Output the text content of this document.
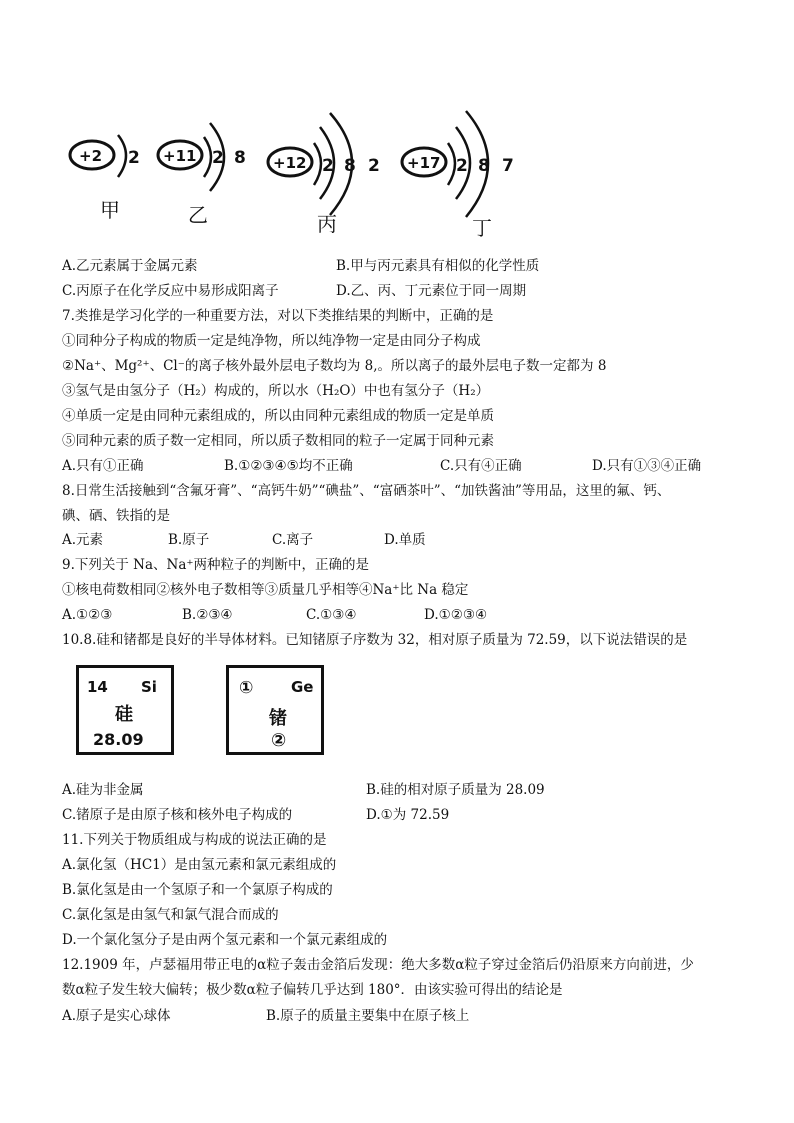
+2 2
甲
+11 2 8
乙
+12 2 8 2
丙
+17 2 8 7
丁
A.乙元素属于金属元素	B.甲与丙元素具有相似的化学性质
C.丙原子在化学反应中易形成阳离子	D.乙、丙、丁元素位于同一周期
7.类推是学习化学的一种重要方法，对以下类推结果的判断中，正确的是
①同种分子构成的物质一定是纯净物，所以纯净物一定是由同分子构成
②Na⁺、Mg²⁺、Cl⁻的离子核外最外层电子数均为 8,。所以离子的最外层电子数一定都为 8
③氢气是由氢分子（H₂）构成的，所以水（H₂O）中也有氢分子（H₂）
④单质一定是由同种元素组成的，所以由同种元素组成的物质一定是单质
⑤同种元素的质子数一定相同，所以质子数相同的粒子一定属于同种元素
A.只有①正确	B.①②③④⑤均不正确	C.只有④正确	D.只有①③④正确
8.日常生活接触到“含氟牙膏”、“高钙牛奶”“碘盐”、“富硒茶叶”、“加铁酱油”等用品，这里的氟、钙、
碘、硒、铁指的是
A.元素	B.原子	C.离子	D.单质
9.下列关于 Na、Na⁺两种粒子的判断中，正确的是
①核电荷数相同②核外电子数相等③质量几乎相等④Na⁺比 Na 稳定
A.①②③	B.②③④	C.①③④	D.①②③④
10.8.硅和锗都是良好的半导体材料。已知锗原子序数为 32，相对原子质量为 72.59，以下说法错误的是
14 Si
硅
28.09
①	Ge
锗
②
A.硅为非金属	B.硅的相对原子质量为 28.09
C.锗原子是由原子核和核外电子构成的	D.①为 72.59
11.下列关于物质组成与构成的说法正确的是
A.氯化氢（HC1）是由氢元素和氯元素组成的
B.氯化氢是由一个氢原子和一个氯原子构成的
C.氯化氢是由氢气和氯气混合而成的
D.一个氯化氢分子是由两个氢元素和一个氯元素组成的
12.1909 年，卢瑟福用带正电的α粒子轰击金箔后发现：绝大多数α粒子穿过金箔后仍沿原来方向前进，少
数α粒子发生较大偏转；极少数α粒子偏转几乎达到 180°．由该实验可得出的结论是
A.原子是实心球体	B.原子的质量主要集中在原子核上
